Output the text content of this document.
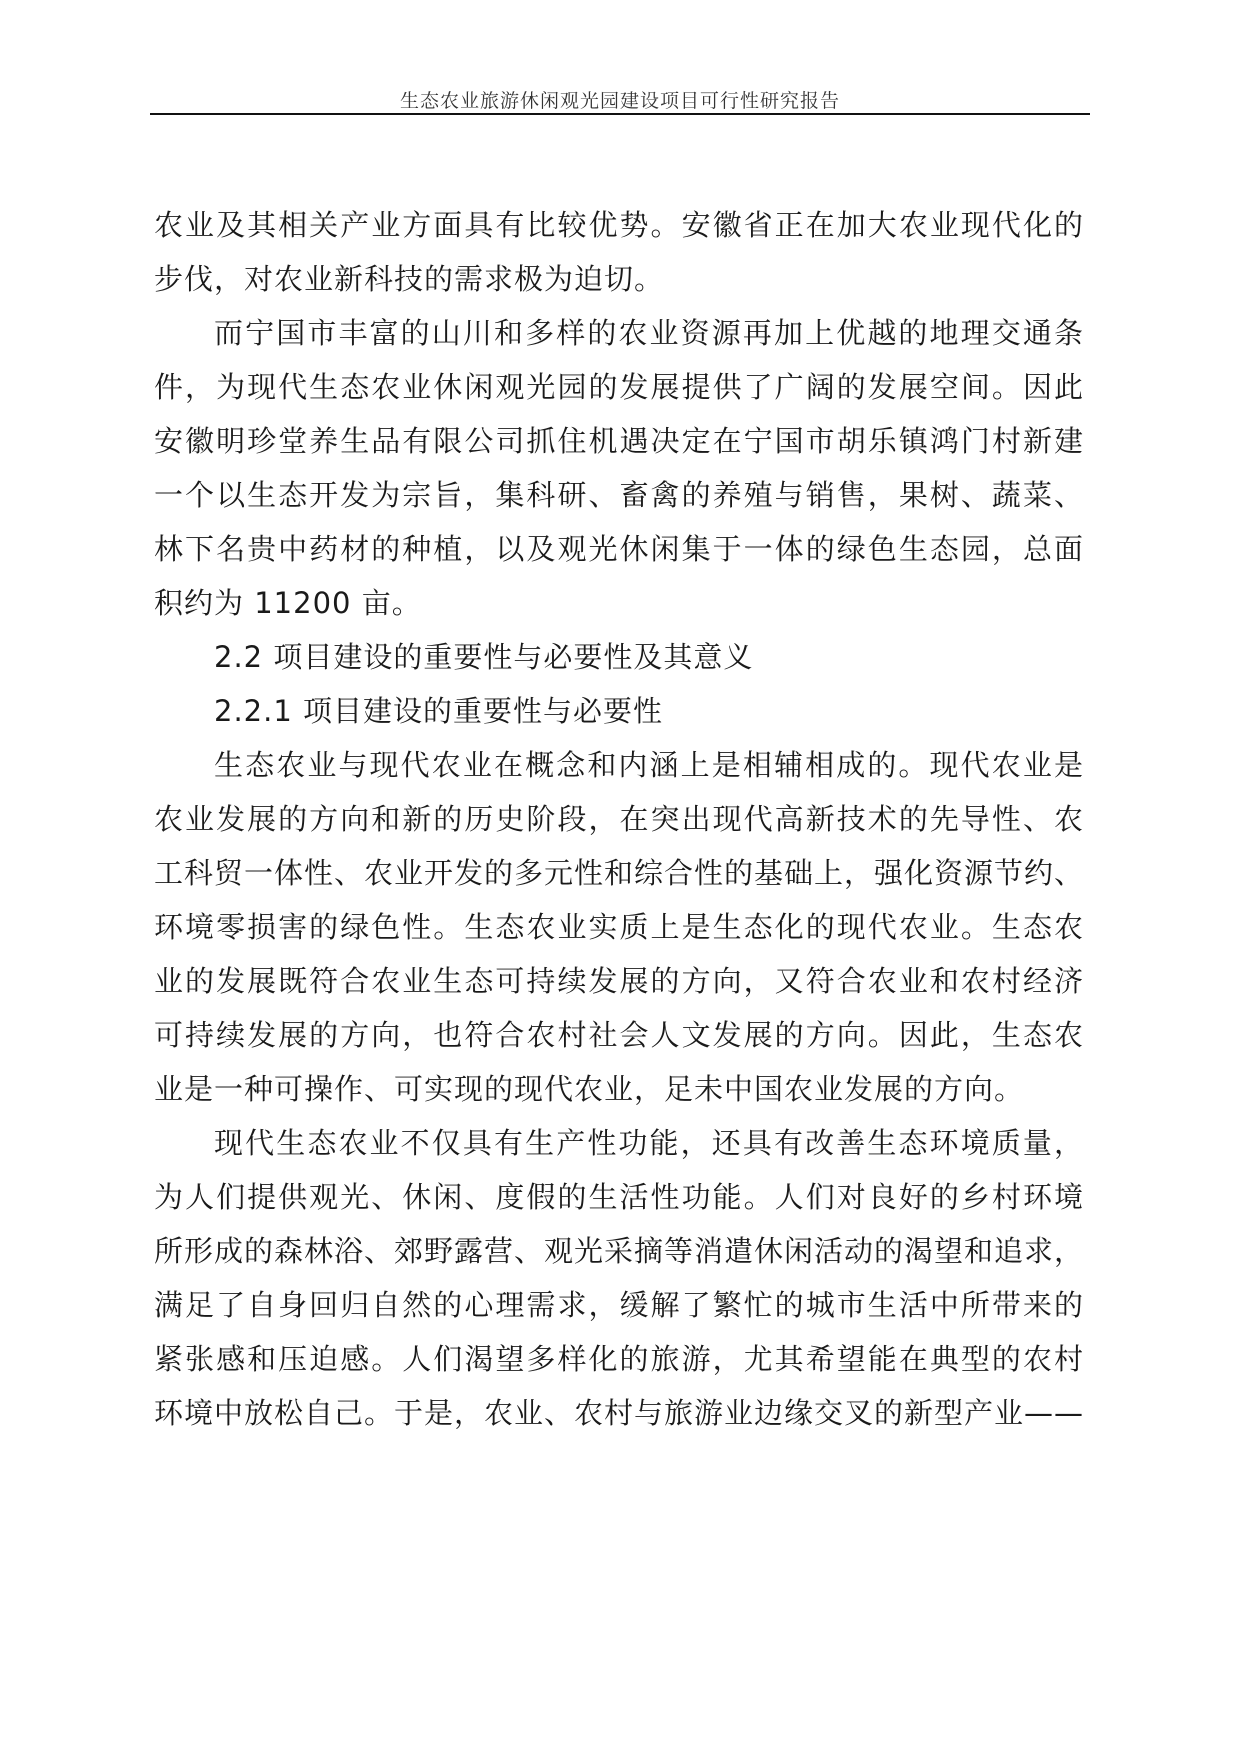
生态农业旅游休闲观光园建设项目可行性研究报告
农业及其相关产业方面具有比较优势。安徽省正在加大农业现代化的
步伐，对农业新科技的需求极为迫切。
而宁国市丰富的山川和多样的农业资源再加上优越的地理交通条
件，为现代生态农业休闲观光园的发展提供了广阔的发展空间。因此
安徽明珍堂养生品有限公司抓住机遇决定在宁国市胡乐镇鸿门村新建
一个以生态开发为宗旨，集科研、畜禽的养殖与销售，果树、蔬菜、
林下名贵中药材的种植，以及观光休闲集于一体的绿色生态园，总面
积约为 11200 亩。
2.2 项目建设的重要性与必要性及其意义
2.2.1 项目建设的重要性与必要性
生态农业与现代农业在概念和内涵上是相辅相成的。现代农业是
农业发展的方向和新的历史阶段，在突出现代高新技术的先导性、农
工科贸一体性、农业开发的多元性和综合性的基础上，强化资源节约、
环境零损害的绿色性。生态农业实质上是生态化的现代农业。生态农
业的发展既符合农业生态可持续发展的方向，又符合农业和农村经济
可持续发展的方向，也符合农村社会人文发展的方向。因此，生态农
业是一种可操作、可实现的现代农业，足未中国农业发展的方向。
现代生态农业不仅具有生产性功能，还具有改善生态环境质量，
为人们提供观光、休闲、度假的生活性功能。人们对良好的乡村环境
所形成的森林浴、郊野露营、观光采摘等消遣休闲活动的渴望和追求，
满足了自身回归自然的心理需求，缓解了繁忙的城市生活中所带来的
紧张感和压迫感。人们渴望多样化的旅游，尤其希望能在典型的农村
环境中放松自己。于是，农业、农村与旅游业边缘交叉的新型产业——
